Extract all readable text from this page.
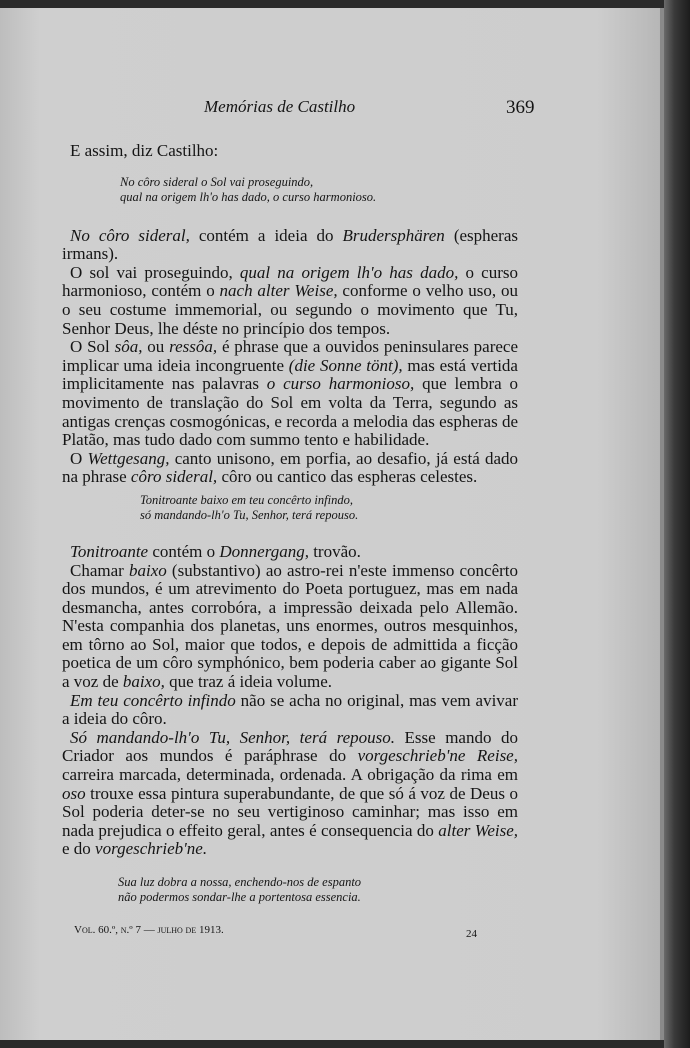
Memórias de Castilho	369

E assim, diz Castilho:

No côro sideral o Sol vai proseguindo,
qual na origem lh'o has dado, o curso harmonioso.

No côro sideral, contém a ideia do Brudersphären (espheras irmans).

O sol vai proseguindo, qual na origem lh'o has dado, o curso harmonioso, contém o nach alter Weise, conforme o velho uso, ou o seu costume immemorial, ou segundo o movimento que Tu, Senhor Deus, lhe déste no princípio dos tempos.

O Sol sôa, ou ressôa, é phrase que a ouvidos peninsulares parece implicar uma ideia incongruente (die Sonne tönt), mas está vertida implicitamente nas palavras o curso harmonioso, que lembra o movimento de translação do Sol em volta da Terra, segundo as antigas crenças cosmogónicas, e recorda a melodia das espheras de Platão, mas tudo dado com summo tento e habilidade.

O Wettgesang, canto unisono, em porfia, ao desafio, já está dado na phrase côro sideral, côro ou cantico das espheras celestes.

Tonitroante baixo em teu concêrto infindo,
só mandando-lh'o Tu, Senhor, terá repouso.

Tonitroante contém o Donnergang, trovão.

Chamar baixo (substantivo) ao astro-rei n'este immenso concêrto dos mundos, é um atrevimento do Poeta portuguez, mas em nada desmancha, antes corrobóra, a impressão deixada pelo Allemão. N'esta companhia dos planetas, uns enormes, outros mesquinhos, em tôrno ao Sol, maior que todos, e depois de admittida a ficção poetica de um côro symphónico, bem poderia caber ao gigante Sol a voz de baixo, que traz á ideia volume.

Em teu concêrto infindo não se acha no original, mas vem avivar a ideia do côro.

Só mandando-lh'o Tu, Senhor, terá repouso. Esse mando do Criador aos mundos é paráphrase do vorgeschrieb'ne Reise, carreira marcada, determinada, ordenada. A obrigação da rima em oso trouxe essa pintura superabundante, de que só á voz de Deus o Sol poderia deter-se no seu vertiginoso caminhar; mas isso em nada prejudica o effeito geral, antes é consequencia do alter Weise, e do vorgeschrieb'ne.

Sua luz dobra a nossa, enchendo-nos de espanto
não podermos sondar-lhe a portentosa essencia.
Vol. 60.º, n.º 7 — julho de 1913.	24
